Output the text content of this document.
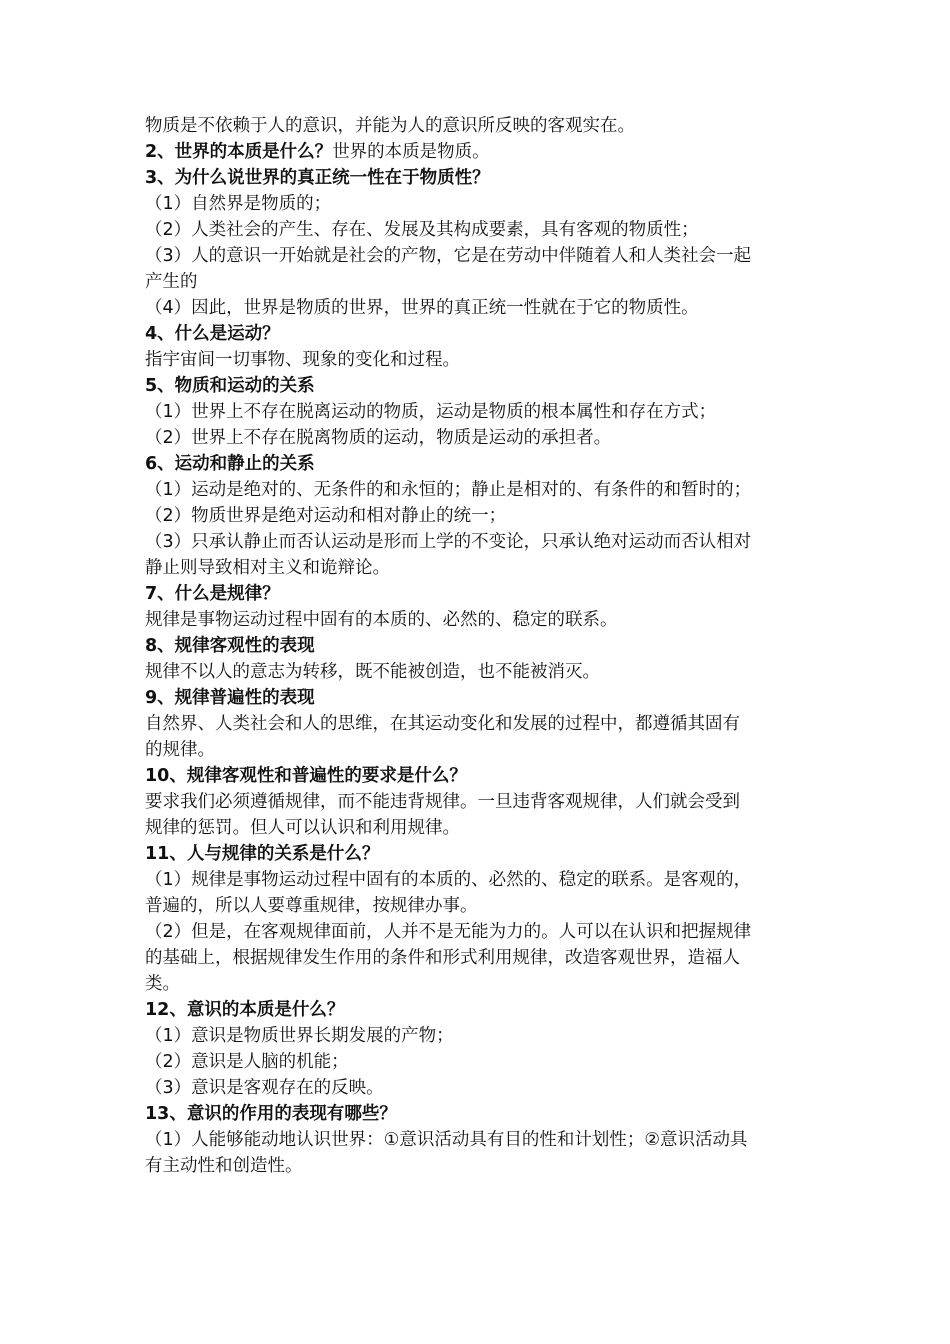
物质是不依赖于人的意识，并能为人的意识所反映的客观实在。
2、世界的本质是什么？世界的本质是物质。
3、为什么说世界的真正统一性在于物质性？
（1）自然界是物质的；
（2）人类社会的产生、存在、发展及其构成要素，具有客观的物质性；
（3）人的意识一开始就是社会的产物，它是在劳动中伴随着人和人类社会一起
产生的
（4）因此，世界是物质的世界，世界的真正统一性就在于它的物质性。
4、什么是运动？
指宇宙间一切事物、现象的变化和过程。
5、物质和运动的关系
（1）世界上不存在脱离运动的物质，运动是物质的根本属性和存在方式；
（2）世界上不存在脱离物质的运动，物质是运动的承担者。
6、运动和静止的关系
（1）运动是绝对的、无条件的和永恒的；静止是相对的、有条件的和暂时的；
（2）物质世界是绝对运动和相对静止的统一；
（3）只承认静止而否认运动是形而上学的不变论，只承认绝对运动而否认相对
静止则导致相对主义和诡辩论。
7、什么是规律？
规律是事物运动过程中固有的本质的、必然的、稳定的联系。
8、规律客观性的表现
规律不以人的意志为转移，既不能被创造，也不能被消灭。
9、规律普遍性的表现
自然界、人类社会和人的思维，在其运动变化和发展的过程中，都遵循其固有
的规律。
10、规律客观性和普遍性的要求是什么？
要求我们必须遵循规律，而不能违背规律。一旦违背客观规律，人们就会受到
规律的惩罚。但人可以认识和利用规律。
11、人与规律的关系是什么？
（1）规律是事物运动过程中固有的本质的、必然的、稳定的联系。是客观的，
普遍的，所以人要尊重规律，按规律办事。
（2）但是，在客观规律面前，人并不是无能为力的。人可以在认识和把握规律
的基础上，根据规律发生作用的条件和形式利用规律，改造客观世界，造福人
类。
12、意识的本质是什么？
（1）意识是物质世界长期发展的产物；
（2）意识是人脑的机能；
（3）意识是客观存在的反映。
13、意识的作用的表现有哪些？
（1）人能够能动地认识世界：①意识活动具有目的性和计划性；②意识活动具
有主动性和创造性。
